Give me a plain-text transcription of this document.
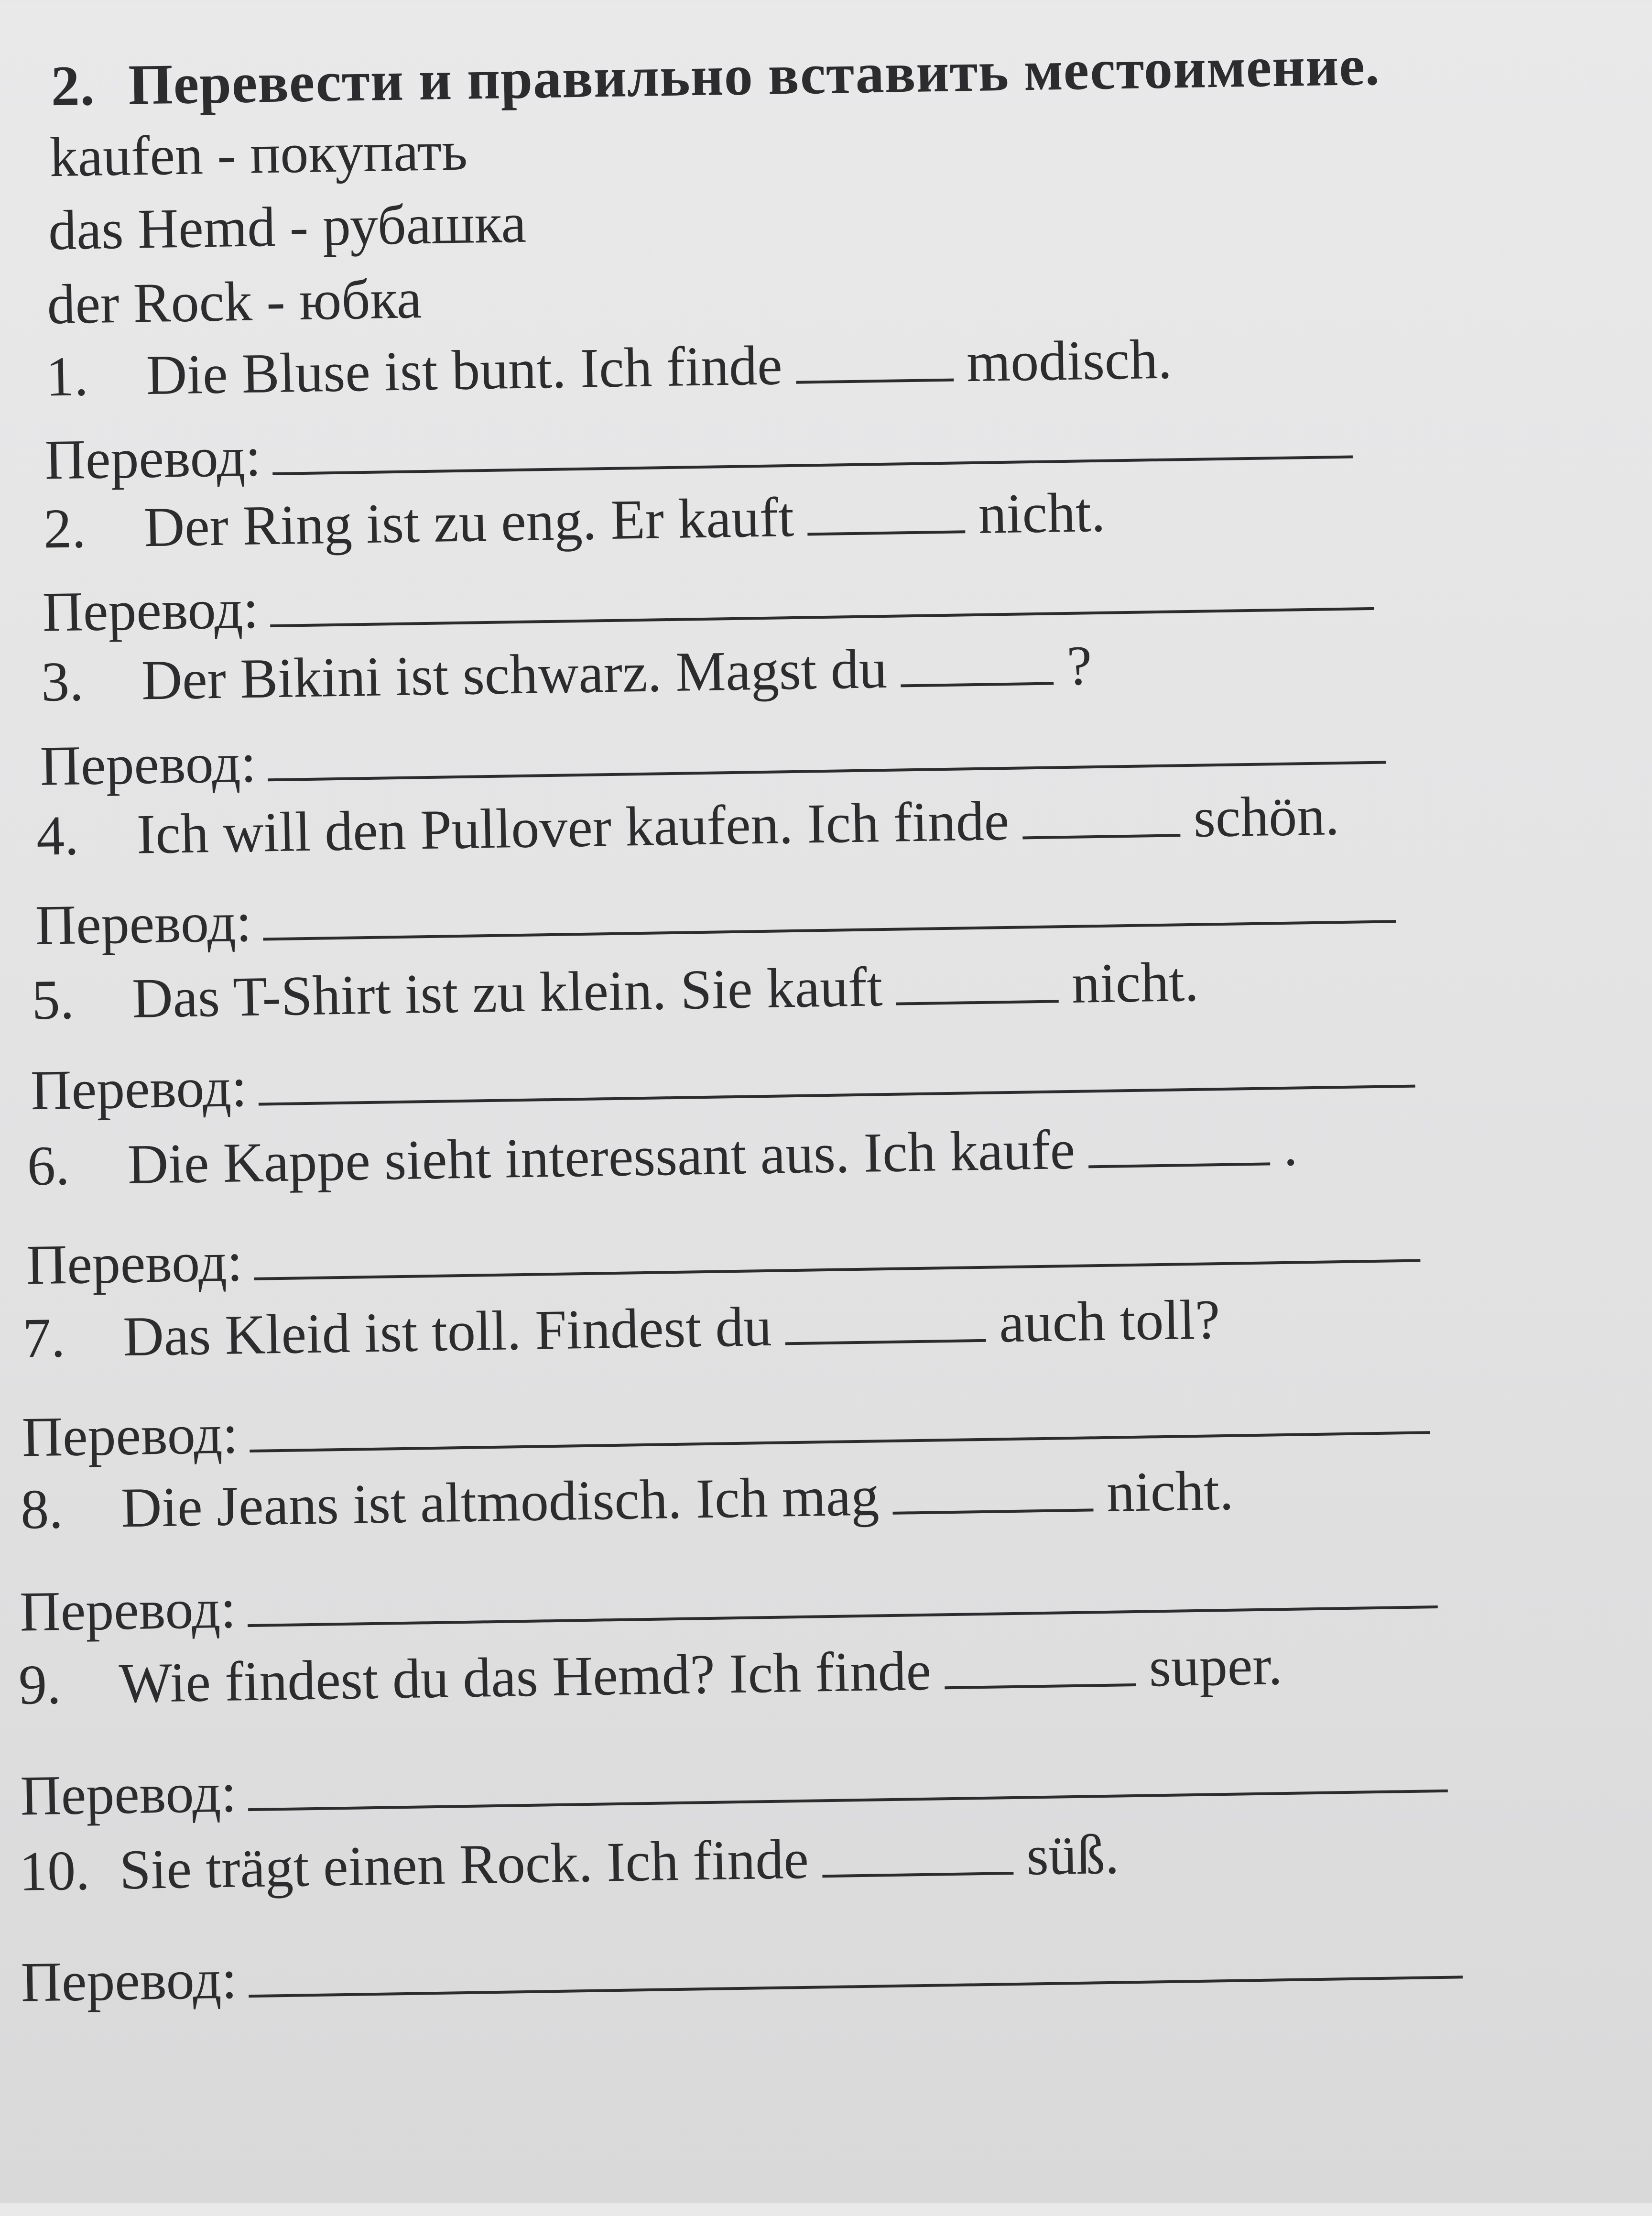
2. Перевести и правильно вставить местоимение.
kaufen - покупать
das Hemd - рубашка
der Rock - юбка
1. Die Bluse ist bunt. Ich finde	modisch.
Перевод:
2. Der Ring ist zu eng. Er kauft	nicht.
Перевод:
3. Der Bikini ist schwarz. Magst du	?
Перевод:
4. Ich will den Pullover kaufen. Ich finde	schön.
Перевод:
5. Das T-Shirt ist zu klein. Sie kauft	nicht.
Перевод:
6. Die Kappe sieht interessant aus. Ich kaufe	.
Перевод:
7. Das Kleid ist toll. Findest du	auch toll?
Перевод:
8. Die Jeans ist altmodisch. Ich mag	nicht.
Перевод:
9. Wie findest du das Hemd? Ich finde	super.
Перевод:
10. Sie trägt einen Rock. Ich finde	süß.
Перевод:
